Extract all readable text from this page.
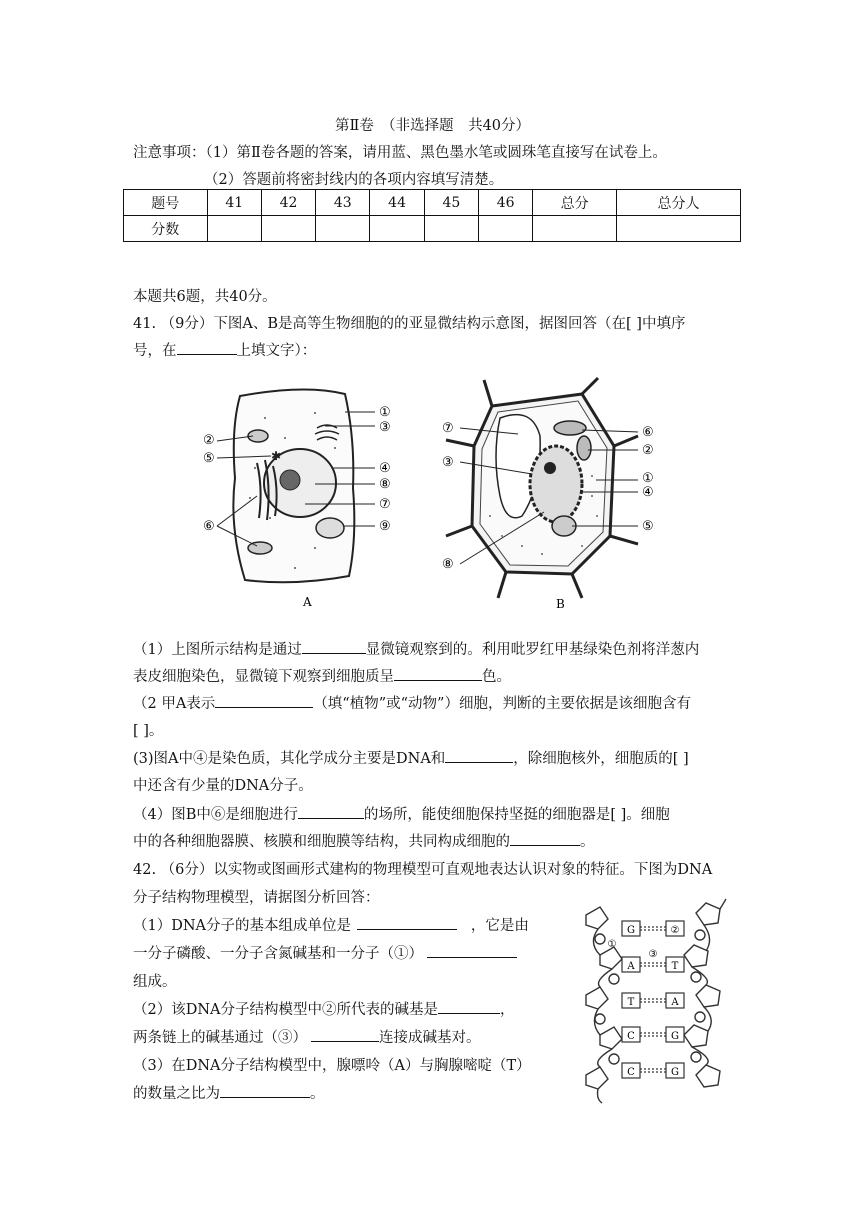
第Ⅱ卷　（非选择题　共40分）
注意事项：（1）第Ⅱ卷各题的答案，请用蓝、黑色墨水笔或圆珠笔直接写在试卷上。
（2）答题前将密封线内的各项内容填写清楚。
题号	41	42	43	44	45	46	总分	总分人
分数								
本题共6题，共40分。
41. （9分）下图A、B是高等生物细胞的的亚显微结构示意图，据图回答（在[ ]中填序
号，在	上填文字）：
✱
①
③
④
⑧
⑦
⑨
②
⑤
⑥
A
⑦
③
⑧
⑥
②
①
④
⑤
B
（1）上图所示结构是通过	显微镜观察到的。利用吡罗红甲基绿染色剂将洋葱内
表皮细胞染色，显微镜下观察到细胞质呈	色。
（2 甲A表示	（填“植物”或“动物”）细胞，判断的主要依据是该细胞含有
[ ]。
(3)图A中④是染色质，其化学成分主要是DNA和	，除细胞核外，细胞质的[ ]
中还含有少量的DNA分子。
（4）图B中⑥是细胞进行	的场所，能使细胞保持坚挺的细胞器是[ ]。细胞
中的各种细胞器膜、核膜和细胞膜等结构，共同构成细胞的	。
42. （6分）以实物或图画形式建构的物理模型可直观地表达认识对象的特征。下图为DNA
分子结构物理模型，请据图分析回答：
（1）DNA分子的基本组成单位是	，它是由
一分子磷酸、一分子含氮碱基和一分子（①）
组成。
（2）该DNA分子结构模型中②所代表的碱基是	，
两条链上的碱基通过（③）	连接成碱基对。
（3）在DNA分子结构模型中，腺嘌呤（A）与胸腺嘧啶（T）
的数量之比为	。
G	②
A	T
T	A
C	G
C	G
①
③
